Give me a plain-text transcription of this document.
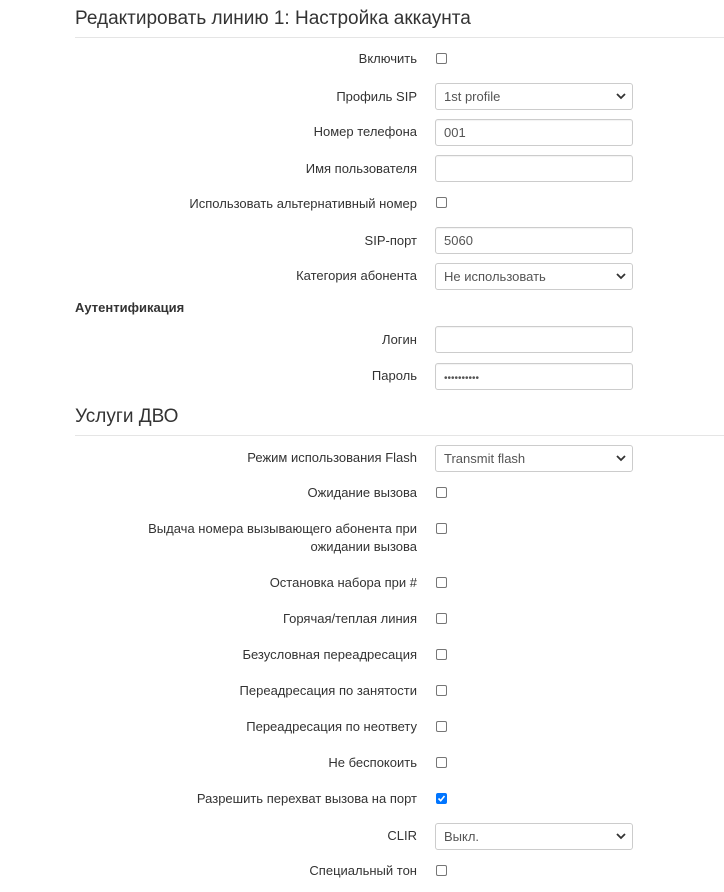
Редактировать линию 1: Настройка аккаунта
Включить
Профиль SIP	1st profile
Номер телефона	001
Имя пользователя
Использовать альтернативный номер
SIP-порт	5060
Категория абонента	Не использовать
Аутентификация
Логин
Пароль	••••••••••
Услуги ДВО
Режим использования Flash	Transmit flash
Ожидание вызова
Выдача номера вызывающего абонента при ожидании вызова
Остановка набора при #
Горячая/теплая линия
Безусловная переадресация
Переадресация по занятости
Переадресация по неответу
Не беспокоить
Разрешить перехват вызова на порт
CLIR	Выкл.
Специальный тон
